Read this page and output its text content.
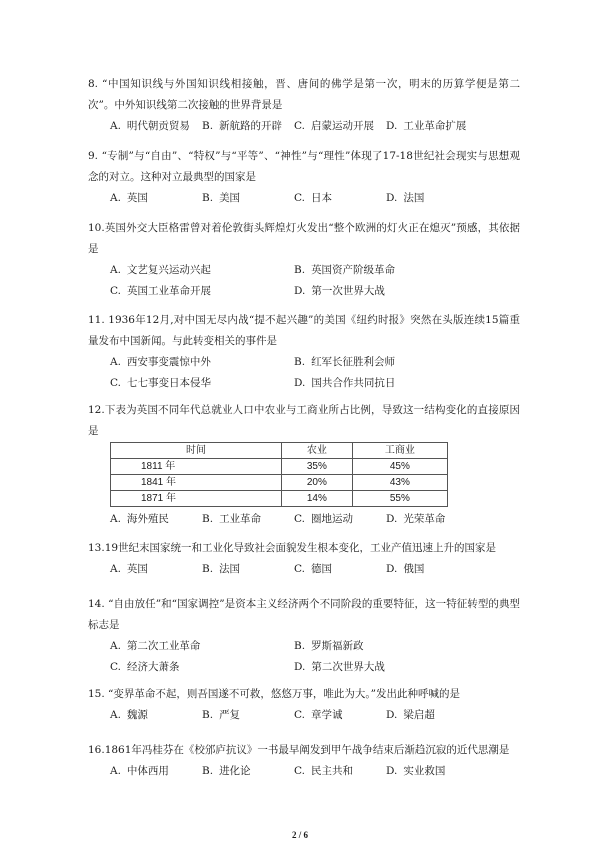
8. “中国知识线与外国知识线相接触，晋、唐间的佛学是第一次，明末的历算学便是第二次”。中外知识线第二次接触的世界背景是

A. 明代朝贡贸易	B. 新航路的开辟	C. 启蒙运动开展	D. 工业革命扩展

9. “专制”与“自由”、“特权”与“平等”、“神性”与“理性”体现了17-18世纪社会现实与思想观念的对立。这种对立最典型的国家是

A. 英国	B. 美国	C. 日本	D. 法国

10.英国外交大臣格雷曾对着伦敦街头辉煌灯火发出“整个欧洲的灯火正在熄灭”预感，其依据是

A. 文艺复兴运动兴起	B. 英国资产阶级革命
C. 英国工业革命开展	D. 第一次世界大战

11. 1936年12月,对中国无尽内战“提不起兴趣”的美国《纽约时报》突然在头版连续15篇重量发布中国新闻。与此转变相关的事件是

A. 西安事变震惊中外	B. 红军长征胜利会师
C. 七七事变日本侵华	D. 国共合作共同抗日

12.下表为英国不同年代总就业人口中农业与工商业所占比例，导致这一结构变化的直接原因是

时间	农业	工商业
1811 年	35%	45%
1841 年	20%	43%
1871 年	14%	55%
A. 海外殖民	B. 工业革命	C. 圈地运动	D. 光荣革命

13.19世纪末国家统一和工业化导致社会面貌发生根本变化，工业产值迅速上升的国家是

A. 英国	B. 法国	C. 德国	D. 俄国

14. “自由放任”和“国家调控”是资本主义经济两个不同阶段的重要特征，这一特征转型的典型标志是

A. 第二次工业革命	B. 罗斯福新政
C. 经济大萧条	D. 第二次世界大战

15. “变界革命不起，则吾国遂不可救，悠悠万事，唯此为大。”发出此种呼喊的是

A. 魏源	B. 严复	C. 章学诚	D. 梁启超

16.1861年冯桂芬在《校邠庐抗议》一书最早阐发到甲午战争结束后渐趋沉寂的近代思潮是

A. 中体西用	B. 进化论	C. 民主共和	D. 实业救国
2 / 6
